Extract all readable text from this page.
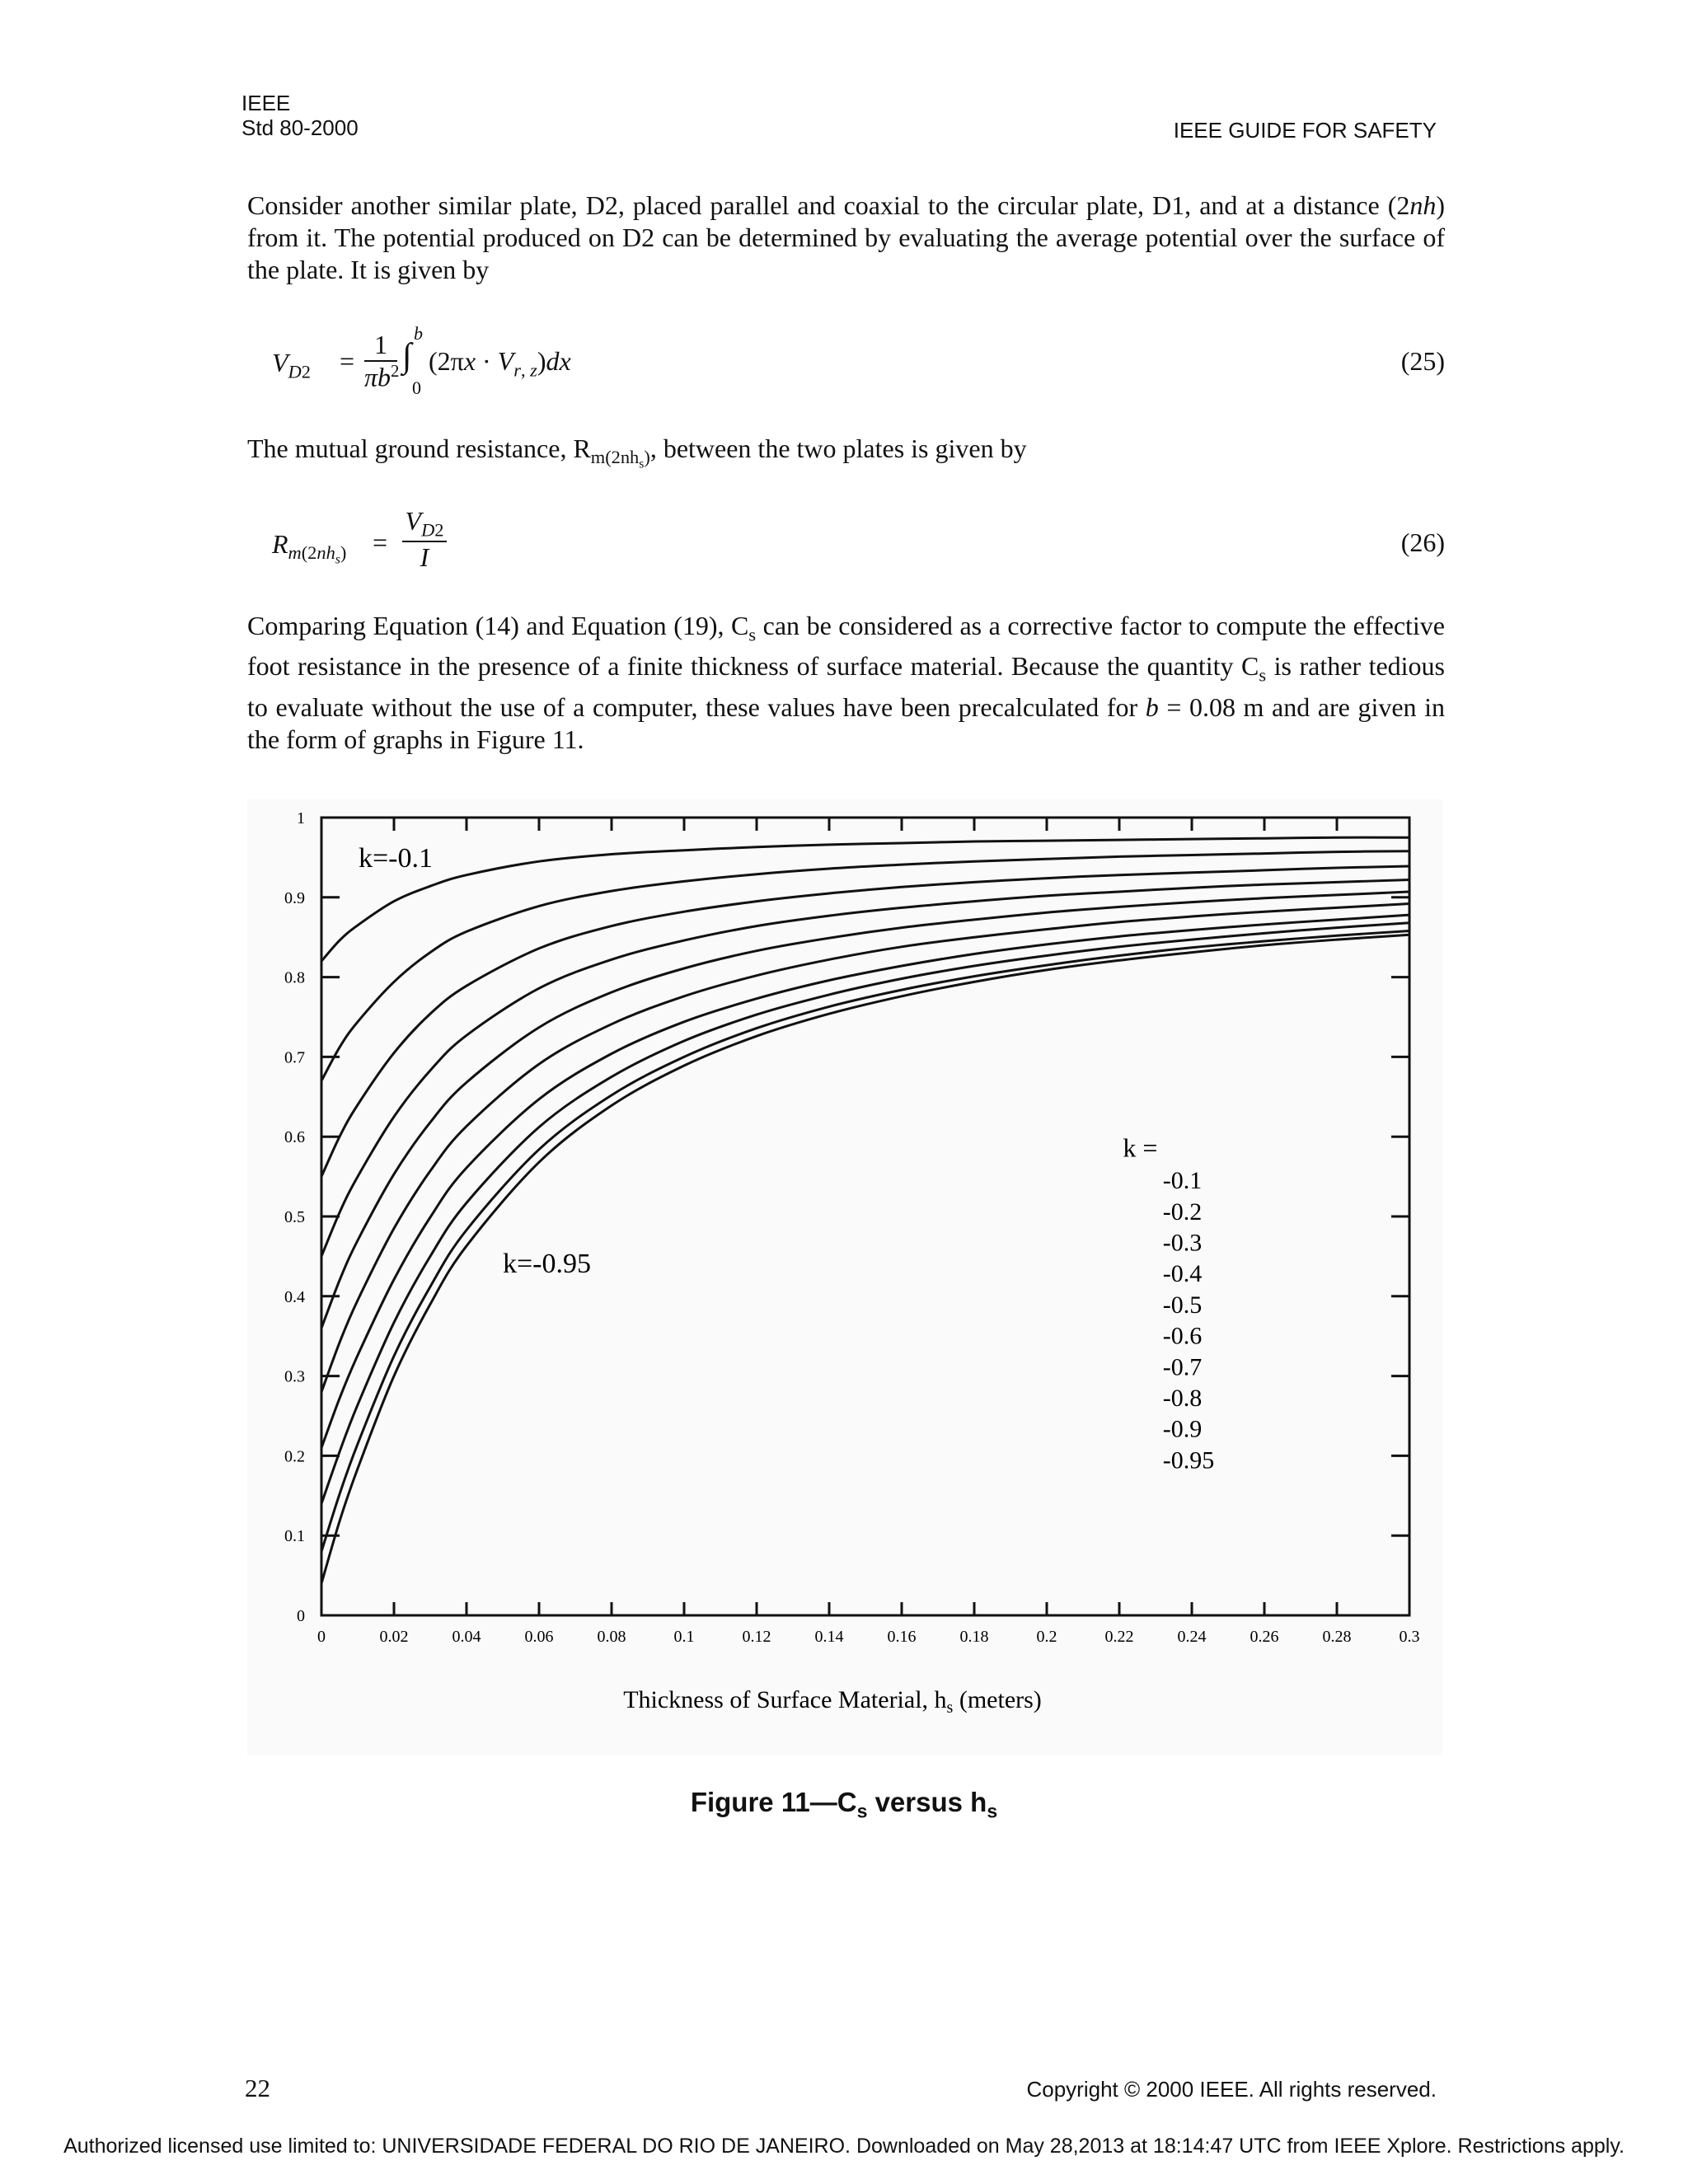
IEEE
Std 80-2000	IEEE GUIDE FOR SAFETY
Consider another similar plate, D2, placed parallel and coaxial to the circular plate, D1, and at a distance (2nh) from it. The potential produced on D2 can be determined by evaluating the average potential over the surface of the plate. It is given by
$V_{D2}$ =
1
$\pi b^2$ ∫
b
0
$(2\pi x \cdot V_{r, z})dx$	(25)
The mutual ground resistance, $R_{m(2nh_s)}$, between the two plates is given by
$R_{m(2nh_s)}$ =
$V_{D2}$
I
(26)
Comparing Equation (14) and Equation (19), $C_s$ can be considered as a corrective factor to compute the effective foot resistance in the presence of a finite thickness of surface material. Because the quantity $C_s$ is rather tedious to evaluate without the use of a computer, these values have been precalculated for b = 0.08 m and are given in the form of graphs in Figure 11.
0	0.02	0.04	0.06	0.08	0.1	0.12	0.14	0.16	0.18	0.2	0.22	0.24	0.26	0.28	0.3
0
0.1
0.2
0.3
0.4
0.5
0.6
0.7
0.8
0.9
1
k=-0.1
k=-0.95
k =
-0.1
-0.2
-0.3
-0.4
-0.5
-0.6
-0.7
-0.8
-0.9
-0.95
Thickness of Surface Material, $h_s$ (meters)
Figure $11—C_s$ versus $h_s$
22	Copyright © 2000 IEEE. All rights reserved.
Authorized licensed use limited to: UNIVERSIDADE FEDERAL DO RIO DE JANEIRO. Downloaded on May 28,2013 at 18:14:47 UTC from IEEE Xplore. Restrictions apply.
